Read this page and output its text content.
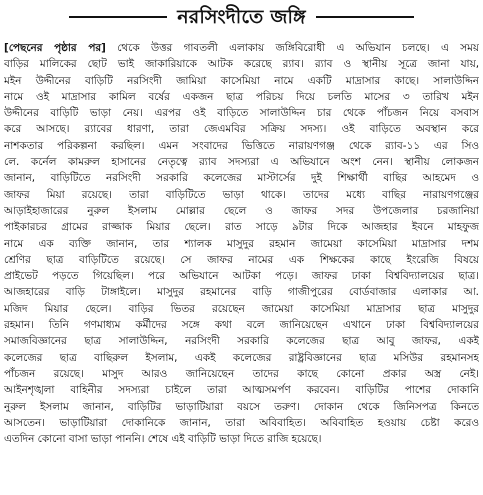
নরসিংদীতে জঙ্গি
[পেছনের পৃষ্ঠার পর] থেকে উত্তর গাবতলী এলাকায় জঙ্গিবিরোধী এ অভিযান চলছে। এ সময়
বাড়ির মালিকের ছোট ভাই জাকারিয়াকে আটক করেছে র‍্যাব। র‍্যাব ও স্থানীয় সূত্রে জানা যায়,
মইন উদ্দীনের বাড়িটি নরসিংদী জামিয়া কাসেমিয়া নামে একটি মাদ্রাসার কাছে। সালাউদ্দিন
নামে ওই মাদ্রাসার কামিল বর্ষের একজন ছাত্র পরিচয় দিয়ে চলতি মাসের ৩ তারিখ মইন
উদ্দীনের বাড়িটি ভাড়া নেয়। এরপর ওই বাড়িতে সালাউদ্দিন চার থেকে পাঁচজন নিয়ে বসবাস
করে আসছে। র‍্যাবের ধারণা, তারা জেএমবির সক্রিয় সদস্য। ওই বাড়িতে অবস্থান করে
নাশকতার পরিকল্পনা করছিল। এমন সংবাদের ভিত্তিতে নারায়ণগঞ্জ থেকে র‍্যাব-১১ এর সিও
লে. কর্নেল কামরুল হাসানের নেতৃত্বে র‍্যাব সদস্যরা এ অভিযানে অংশ নেন। স্থানীয় লোকজন
জানান, বাড়িটিতে নরসিংদী সরকারি কলেজের মাস্টার্সের দুই শিক্ষার্থী বাছির আহমেদ ও
জাফর মিয়া রয়েছে। তারা বাড়িটিতে ভাড়া থাকে। তাদের মধ্যে বাছির নারায়ণগঞ্জের
আড়াইহাজারের নুরুল ইসলাম মোল্লার ছেলে ও জাফর সদর উপজেলার চরজানিয়া
পাইকারচর গ্রামের রাজ্জাক মিয়ার ছেলে। রাত সাড়ে ৯টার দিকে আজহার ইবনে মাহফুজ
নামে এক ব্যক্তি জানান, তার শ্যালক মাসুদুর রহমান জামেয়া কাসেমিয়া মাদ্রাসার দশম
শ্রেণির ছাত্র বাড়িটিতে রয়েছে। সে জাফর নামের এক শিক্ষকের কাছে ইংরেজি বিষয়ে
প্রাইভেট পড়তে গিয়েছিল। পরে অভিযানে আটকা পড়ে। জাফর ঢাকা বিশ্ববিদ্যালয়ের ছাত্র।
আজহারের বাড়ি টাঙ্গাইলে। মাসুদুর রহমানের বাড়ি গাজীপুরের বোর্ডবাজার এলাকার আ.
মজিদ মিয়ার ছেলে। বাড়ির ভিতর রয়েছেন জামেয়া কাসেমিয়া মাদ্রাসার ছাত্র মাসুদুর
রহমান। তিনি গণমাধ্যম কর্মীদের সঙ্গে কথা বলে জানিয়েছেন এখানে ঢাকা বিশ্ববিদ্যালয়ের
সমাজবিজ্ঞানের ছাত্র সালাউদ্দিন, নরসিংদী সরকারি কলেজের ছাত্র আবু জাফর, একই
কলেজের ছাত্র বাছিরুল ইসলাম, একই কলেজের রাষ্ট্রবিজ্ঞানের ছাত্র মসিউর রহমানসহ
পাঁচজন রয়েছে। মাসুদ আরও জানিয়েছেন তাদের কাছে কোনো প্রকার অস্ত্র নেই।
আইনশৃঙ্খলা বাহিনীর সদস্যরা চাইলে তারা আত্মসমর্পণ করবেন। বাড়িটির পাশের দোকানি
নুরুল ইসলাম জানান, বাড়িটির ভাড়াটিয়ারা বয়সে তরুণ। দোকান থেকে জিনিসপত্র কিনতে
আসতেন। ভাড়াটিয়ারা দোকানিকে জানান, তারা অবিবাহিত। অবিবাহিত হওয়ায় চেষ্টা করেও
এতদিন কোনো বাসা ভাড়া পাননি। শেষে এই বাড়িটি ভাড়া দিতে রাজি হয়েছে।
